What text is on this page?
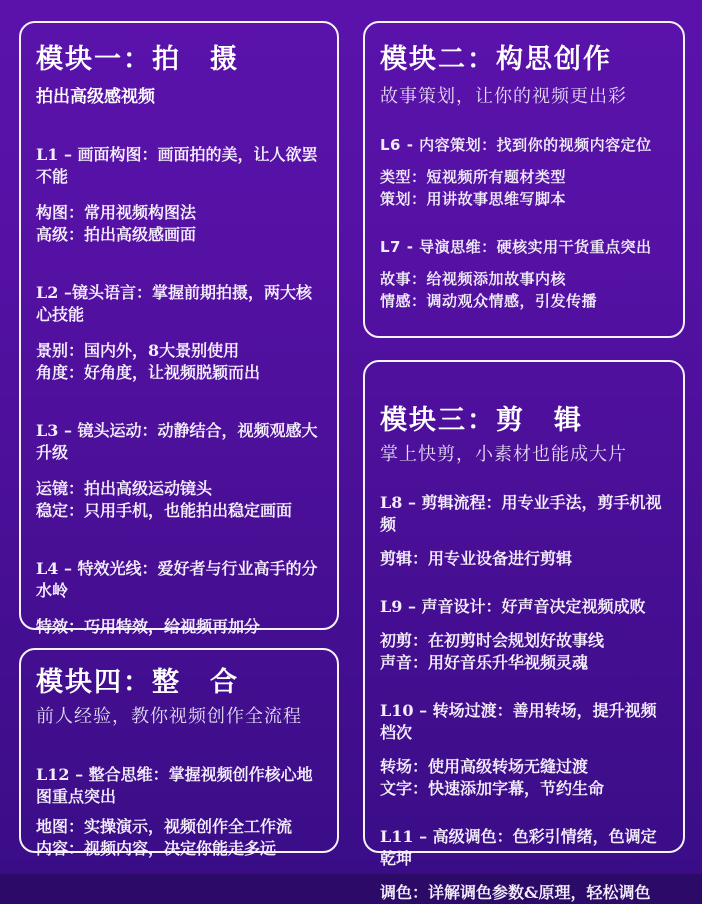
模块一：拍　摄
拍出高级感视频
L1 – 画面构图：画面拍的美，让人欲罢不能
构图：常用视频构图法
高级：拍出高级感画面
L2 –镜头语言：掌握前期拍摄，两大核心技能
景别：国内外，8大景别使用
角度：好角度，让视频脱颖而出
L3 – 镜头运动：动静结合，视频观感大升级
运镜：拍出高级运动镜头
稳定：只用手机，也能拍出稳定画面
L4 – 特效光线：爱好者与行业高手的分水岭
特效：巧用特效，给视频再加分
模块二：构思创作
故事策划，让你的视频更出彩
L6 - 内容策划：找到你的视频内容定位
类型：短视频所有题材类型
策划：用讲故事思维写脚本
L7 - 导演思维：硬核实用干货重点突出
故事：给视频添加故事内核
情感：调动观众情感，引发传播
模块三：剪　辑
掌上快剪，小素材也能成大片
L8 – 剪辑流程：用专业手法，剪手机视频
剪辑：用专业设备进行剪辑
L9 – 声音设计：好声音决定视频成败
初剪：在初剪时会规划好故事线
声音：用好音乐升华视频灵魂
L10 – 转场过渡：善用转场，提升视频档次
转场：使用高级转场无缝过渡
文字：快速添加字幕，节约生命
L11 – 高级调色：色彩引情绪，色调定乾坤
调色：详解调色参数&原理，轻松调色
模块四：整　合
前人经验，教你视频创作全流程
L12 – 整合思维：掌握视频创作核心地图重点突出
地图：实操演示，视频创作全工作流
内容：视频内容，决定你能走多远
